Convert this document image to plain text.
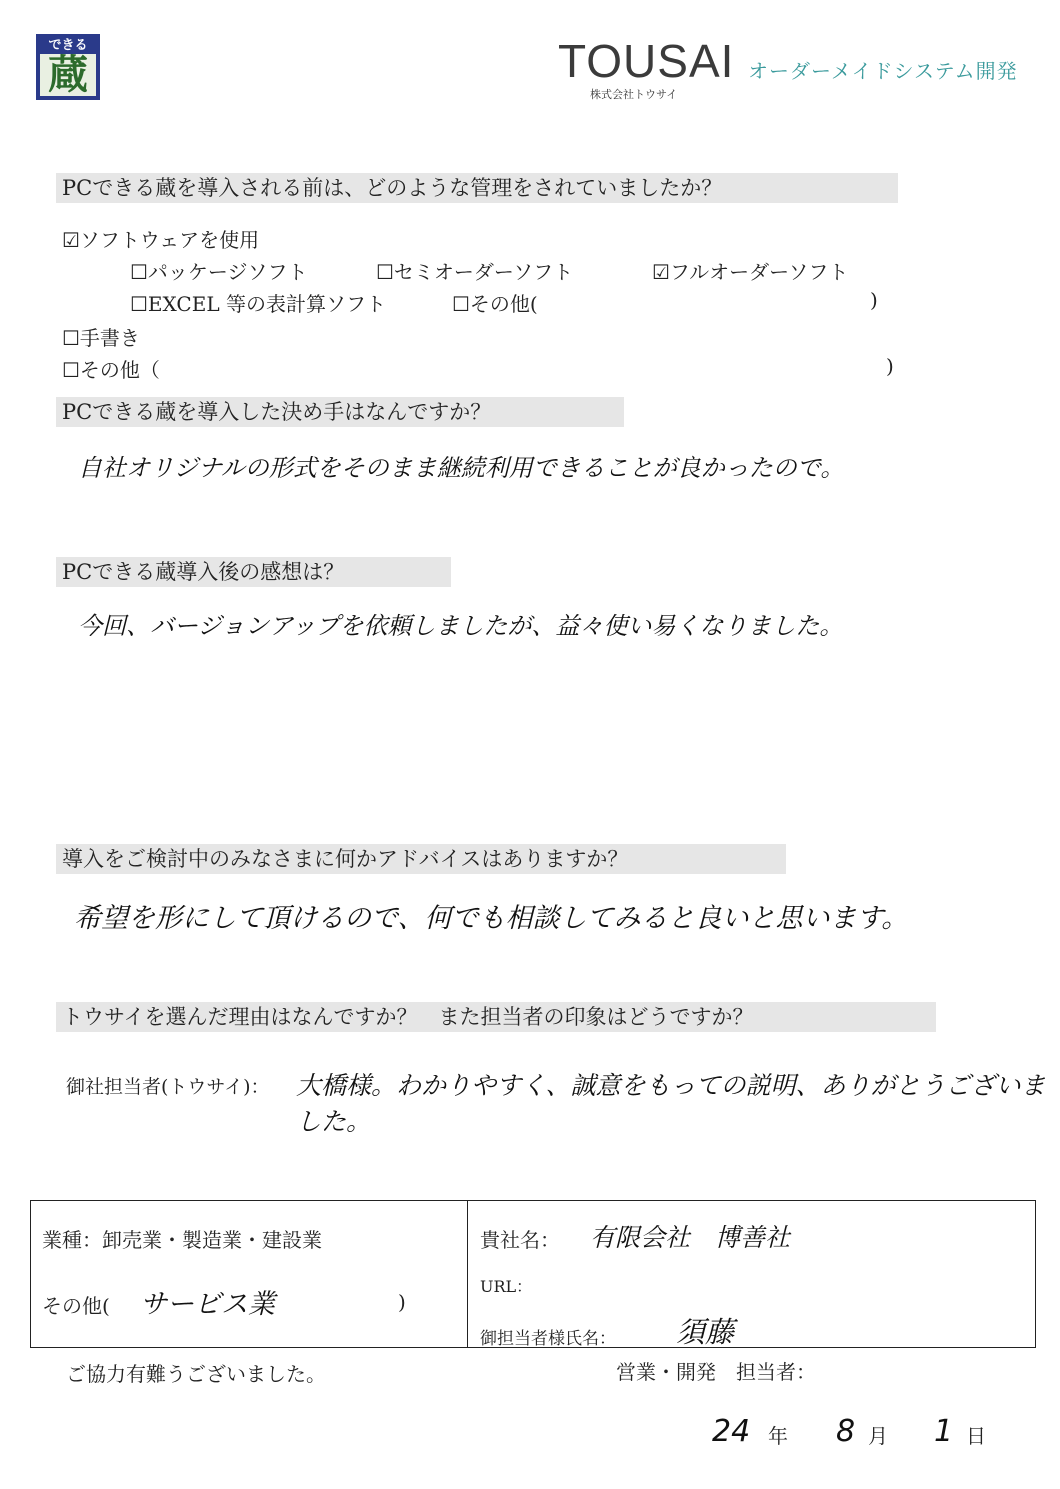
できる
蔵	TOUSAI オーダーメイドシステム開発
株式会社トウサイ
PCできる蔵を導入される前は、どのような管理をされていましたか？
☑ソフトウェアを使用
☐パッケージソフト	☐セミオーダーソフト	☑フルオーダーソフト
☐EXCEL 等の表計算ソフト	☐その他(	)
☐手書き
☐その他（	)
PCできる蔵を導入した決め手はなんですか？
自社オリジナルの形式をそのまま継続利用できることが良かったので。
PCできる蔵導入後の感想は？
今回、バージョンアップを依頼しましたが、益々使い易くなりました。
導入をご検討中のみなさまに何かアドバイスはありますか？
希望を形にして頂けるので、何でも相談してみると良いと思います。
トウサイを選んだ理由はなんですか？　また担当者の印象はどうですか？
御社担当者(トウサイ)： 大橋様。わかりやすく、誠意をもっての説明、ありがとうございました。
業種：卸売業・製造業・建設業
その他( サービス業	)
貴社名： 有限会社　博善社
URL：
御担当者様氏名： 須藤
ご協力有難うございました。	営業・開発　担当者：
24 年 8 月 1 日
